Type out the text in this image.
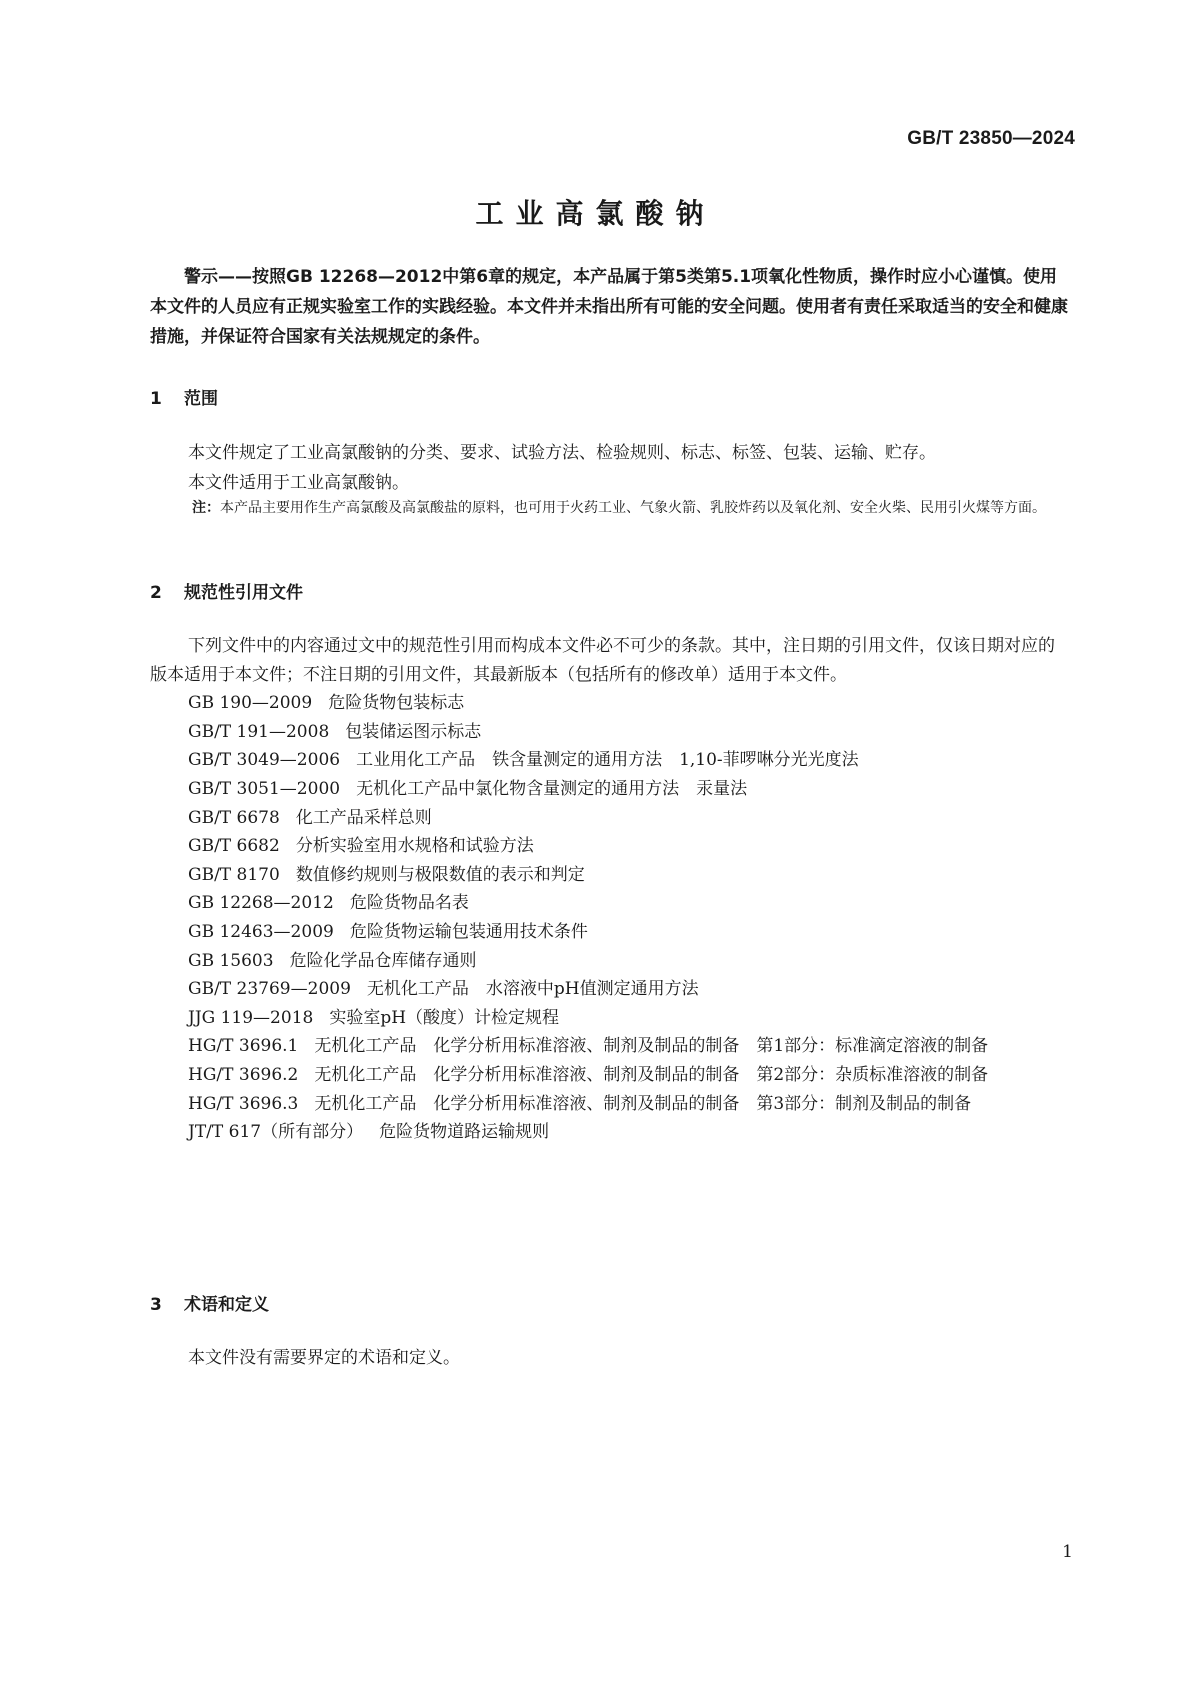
GB/T 23850—2024
工业高氯酸钠

警示——按照GB 12268—2012中第6章的规定，本产品属于第5类第5.1项氧化性物质，操作时应小心谨慎。使用本文件的人员应有正规实验室工作的实践经验。本文件并未指出所有可能的安全问题。使用者有责任采取适当的安全和健康措施，并保证符合国家有关法规规定的条件。

1 范围

本文件规定了工业高氯酸钠的分类、要求、试验方法、检验规则、标志、标签、包装、运输、贮存。

本文件适用于工业高氯酸钠。

注：本产品主要用作生产高氯酸及高氯酸盐的原料，也可用于火药工业、气象火箭、乳胶炸药以及氧化剂、安全火柴、民用引火煤等方面。
2 规范性引用文件

下列文件中的内容通过文中的规范性引用而构成本文件必不可少的条款。其中，注日期的引用文件，仅该日期对应的版本适用于本文件；不注日期的引用文件，其最新版本（包括所有的修改单）适用于本文件。

GB 190—2009 危险货物包装标志

GB/T 191—2008 包装储运图示标志

GB/T 3049—2006 工业用化工产品　铁含量测定的通用方法　1,10-菲啰啉分光光度法

GB/T 3051—2000 无机化工产品中氯化物含量测定的通用方法　汞量法

GB/T 6678 化工产品采样总则

GB/T 6682 分析实验室用水规格和试验方法

GB/T 8170 数值修约规则与极限数值的表示和判定

GB 12268—2012 危险货物品名表

GB 12463—2009 危险货物运输包装通用技术条件

GB 15603 危险化学品仓库储存通则

GB/T 23769—2009 无机化工产品　水溶液中pH值测定通用方法

JJG 119—2018 实验室pH（酸度）计检定规程

HG/T 3696.1 无机化工产品　化学分析用标准溶液、制剂及制品的制备　第1部分：标准滴定溶液的制备

HG/T 3696.2 无机化工产品　化学分析用标准溶液、制剂及制品的制备　第2部分：杂质标准溶液的制备

HG/T 3696.3 无机化工产品　化学分析用标准溶液、制剂及制品的制备　第3部分：制剂及制品的制备

JT/T 617（所有部分） 危险货物道路运输规则

3 术语和定义

本文件没有需要界定的术语和定义。

1
